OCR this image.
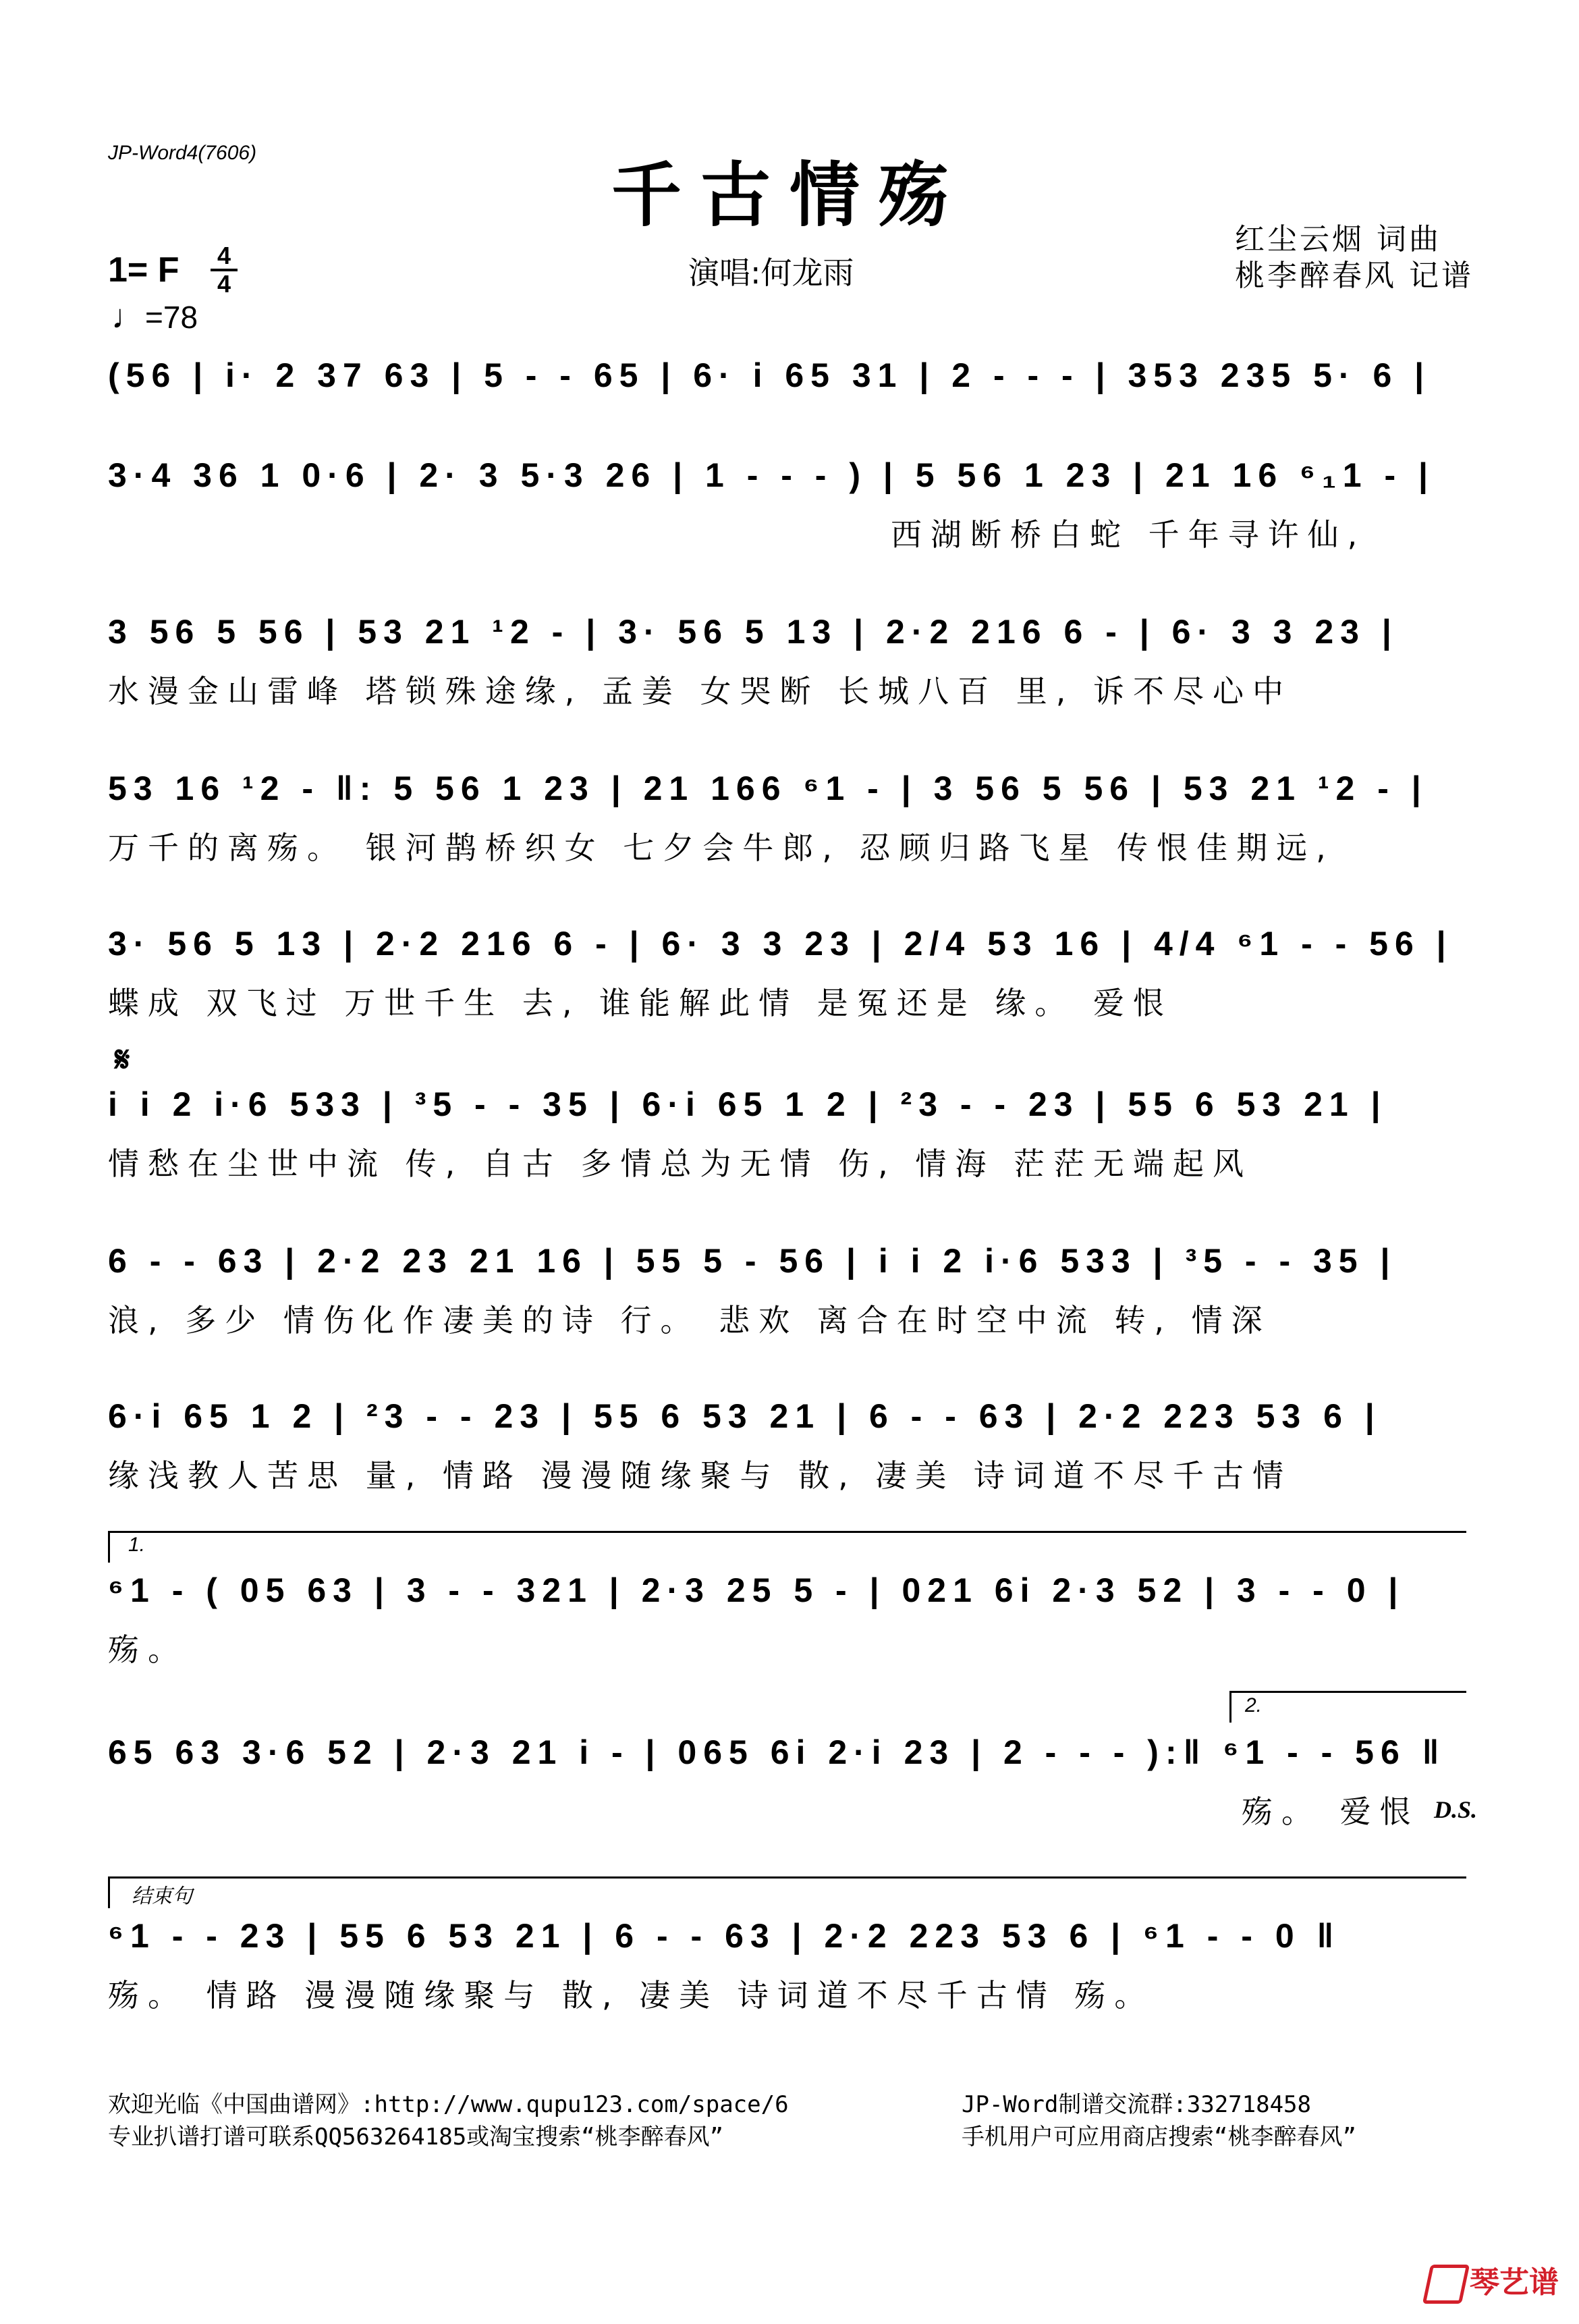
JP-Word4(7606)
千古情殇
演唱:何龙雨
红尘云烟 词曲
桃李醉春风 记谱
1= F 4
4
♩=78
𝄋
1.
2.
结束句
D.S.
(56 | i· 2 37 63 | 5 - - 65 | 6· i 65 31 | 2 - - - | 353 235 5· 6 |
3·4 36 1 0·6 | 2· 3 5·3 26 | 1 - - - ) | 5 56 1 23 | 21 16 ⁶₁1 - |
西湖断桥白蛇 千年寻许仙,
3 56 5 56 | 53 21 ¹2 - | 3· 56 5 13 | 2·2 216 6 - | 6· 3 3 23 |
水漫金山雷峰 塔锁殊途缘, 孟姜 女哭断 长城八百 里, 诉不尽心中
53 16 ¹2 - ‖: 5 56 1 23 | 21 166 ⁶1 - | 3 56 5 56 | 53 21 ¹2 - |
万千的离殇。 银河鹊桥织女 七夕会牛郎, 忍顾归路飞星 传恨佳期远,
3· 56 5 13 | 2·2 216 6 - | 6· 3 3 23 | 2/4 53 16 | 4/4 ⁶1 - - 56 |
蝶成 双飞过 万世千生 去, 谁能解此情 是冤还是 缘。 爱恨
i i 2 i·6 533 | ³5 - - 35 | 6·i 65 1 2 | ²3 - - 23 | 55 6 53 21 |
情愁在尘世中流 传, 自古 多情总为无情 伤, 情海 茫茫无端起风
6 - - 63 | 2·2 23 21 16 | 55 5 - 56 | i i 2 i·6 533 | ³5 - - 35 |
浪, 多少 情伤化作凄美的诗 行。 悲欢 离合在时空中流 转, 情深
6·i 65 1 2 | ²3 - - 23 | 55 6 53 21 | 6 - - 63 | 2·2 223 53 6 |
缘浅教人苦思 量, 情路 漫漫随缘聚与 散, 凄美 诗词道不尽千古情
⁶1 - ( 05 63 | 3 - - 321 | 2·3 25 5 - | 021 6i 2·3 52 | 3 - - 0 |
殇。
65 63 3·6 52 | 2·3 21 i - | 065 6i 2·i 23 | 2 - - - ):‖ ⁶1 - - 56 ‖
殇。 爱恨
⁶1 - - 23 | 55 6 53 21 | 6 - - 63 | 2·2 223 53 6 | ⁶1 - - 0 ‖
殇。 情路 漫漫随缘聚与 散, 凄美 诗词道不尽千古情 殇。
欢迎光临《中国曲谱网》:http://www.qupu123.com/space/6
专业扒谱打谱可联系QQ563264185或淘宝搜索“桃李醉春风”
JP-Word制谱交流群:332718458
手机用户可应用商店搜索“桃李醉春风”
琴艺谱
